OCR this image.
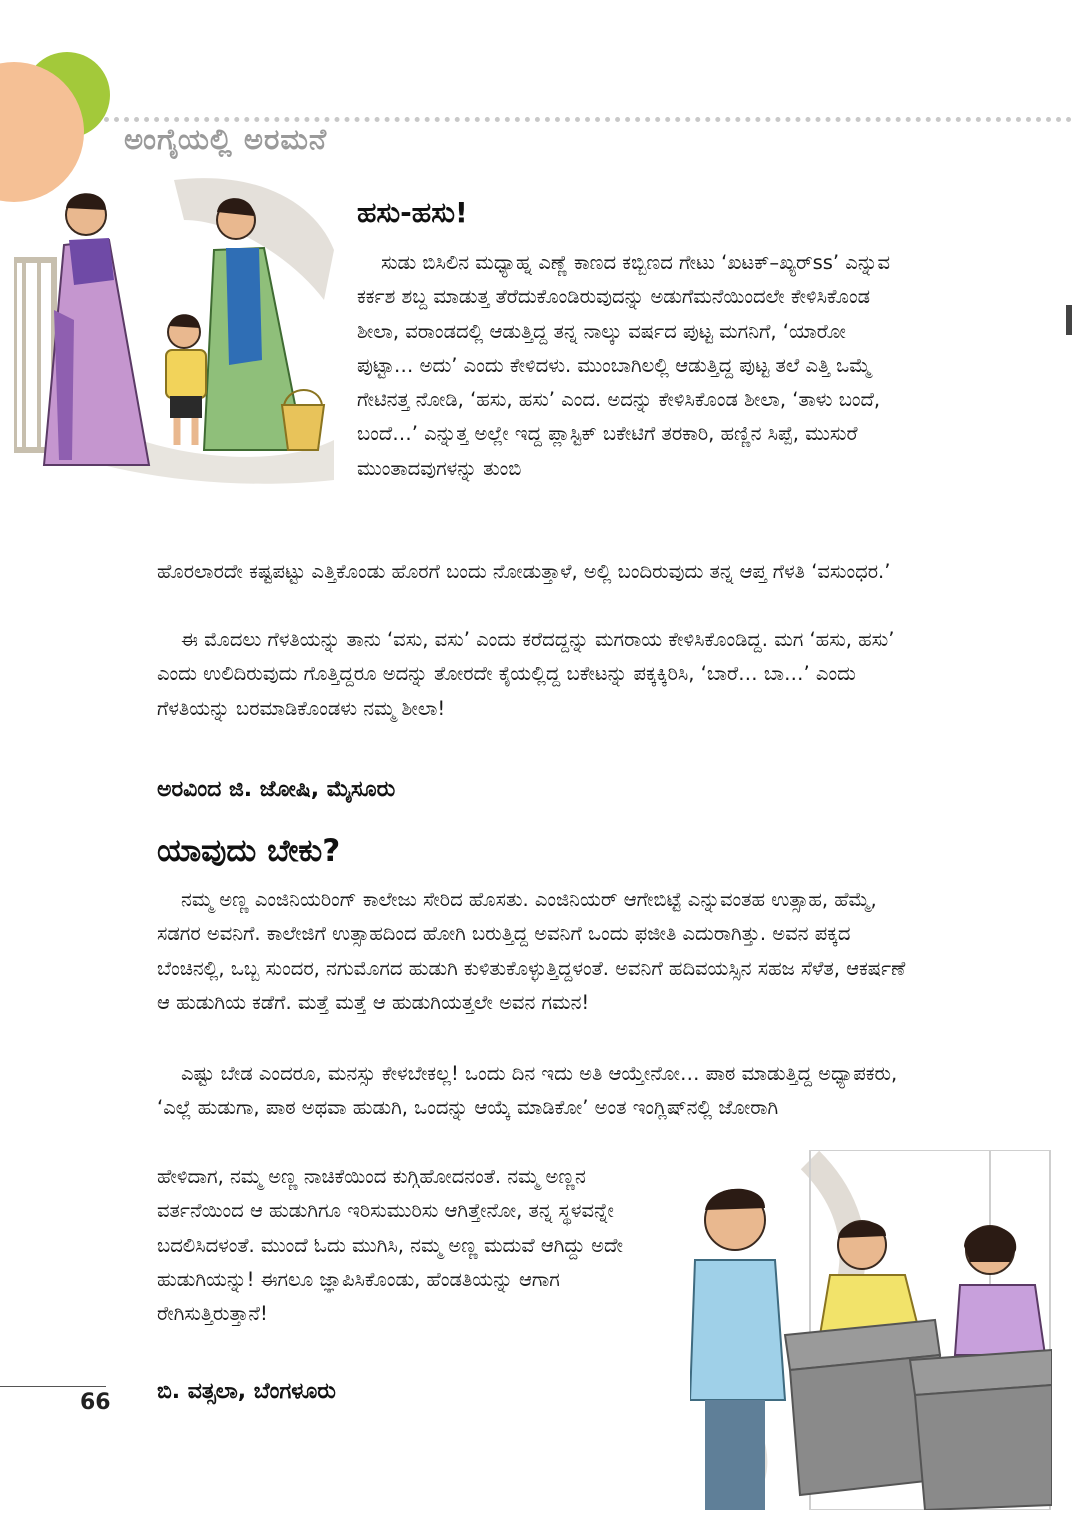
ಅಂಗೈಯಲ್ಲಿ ಅರಮನೆ
ಹಸು-ಹಸು!

ಸುಡು ಬಿಸಿಲಿನ ಮಧ್ಯಾಹ್ನ ಎಣ್ಣೆ ಕಾಣದ ಕಬ್ಬಿಣದ ಗೇಟು ‘ಖಟಕ್–ಖ್ಯರ್‌ss’ ಎನ್ನುವ ಕರ್ಕಶ ಶಬ್ದ ಮಾಡುತ್ತ ತೆರೆದುಕೊಂಡಿರುವುದನ್ನು ಅಡುಗೆಮನೆಯಿಂದಲೇ ಕೇಳಿಸಿಕೊಂಡ ಶೀಲಾ, ವರಾಂಡದಲ್ಲಿ ಆಡುತ್ತಿದ್ದ ತನ್ನ ನಾಲ್ಕು ವರ್ಷದ ಪುಟ್ಟ ಮಗನಿಗೆ, ‘ಯಾರೋ ಪುಟ್ಟಾ… ಅದು’ ಎಂದು ಕೇಳಿದಳು. ಮುಂಬಾಗಿಲಲ್ಲಿ ಆಡುತ್ತಿದ್ದ ಪುಟ್ಟ ತಲೆ ಎತ್ತಿ ಒಮ್ಮೆ ಗೇಟಿನತ್ತ ನೋಡಿ, ‘ಹಸು, ಹಸು’ ಎಂದ. ಅದನ್ನು ಕೇಳಿಸಿಕೊಂಡ ಶೀಲಾ, ‘ತಾಳು ಬಂದೆ, ಬಂದೆ…’ ಎನ್ನುತ್ತ ಅಲ್ಲೇ ಇದ್ದ ಪ್ಲಾಸ್ಟಿಕ್ ಬಕೇಟಿಗೆ ತರಕಾರಿ, ಹಣ್ಣಿನ ಸಿಪ್ಪೆ, ಮುಸುರೆ ಮುಂತಾದವುಗಳನ್ನು ತುಂಬಿ

ಹೊರಲಾರದೇ ಕಷ್ಟಪಟ್ಟು ಎತ್ತಿಕೊಂಡು ಹೊರಗೆ ಬಂದು ನೋಡುತ್ತಾಳೆ, ಅಲ್ಲಿ ಬಂದಿರುವುದು ತನ್ನ ಆಪ್ತ ಗೆಳತಿ ‘ವಸುಂಧರ.’

ಈ ಮೊದಲು ಗೆಳತಿಯನ್ನು ತಾನು ‘ವಸು, ವಸು’ ಎಂದು ಕರೆದದ್ದನ್ನು ಮಗರಾಯ ಕೇಳಿಸಿಕೊಂಡಿದ್ದ. ಮಗ ‘ಹಸು, ಹಸು’ ಎಂದು ಉಲಿದಿರುವುದು ಗೊತ್ತಿದ್ದರೂ ಅದನ್ನು ತೋರದೇ ಕೈಯಲ್ಲಿದ್ದ ಬಕೇಟನ್ನು ಪಕ್ಕಕ್ಕಿರಿಸಿ, ‘ಬಾರೆ… ಬಾ…’ ಎಂದು ಗೆಳತಿಯನ್ನು ಬರಮಾಡಿಕೊಂಡಳು ನಮ್ಮ ಶೀಲಾ!

ಅರವಿಂದ ಜಿ. ಜೋಷಿ, ಮೈಸೂರು
ಯಾವುದು ಬೇಕು?

ನಮ್ಮ ಅಣ್ಣ ಎಂಜಿನಿಯರಿಂಗ್ ಕಾಲೇಜು ಸೇರಿದ ಹೊಸತು. ಎಂಜಿನಿಯರ್ ಆಗೇಬಿಟ್ಟೆ ಎನ್ನುವಂತಹ ಉತ್ಸಾಹ, ಹೆಮ್ಮೆ, ಸಡಗರ ಅವನಿಗೆ. ಕಾಲೇಜಿಗೆ ಉತ್ಸಾಹದಿಂದ ಹೋಗಿ ಬರುತ್ತಿದ್ದ ಅವನಿಗೆ ಒಂದು ಫಜೀತಿ ಎದುರಾಗಿತ್ತು. ಅವನ ಪಕ್ಕದ ಬೆಂಚಿನಲ್ಲಿ, ಒಬ್ಬ ಸುಂದರ, ನಗುಮೊಗದ ಹುಡುಗಿ ಕುಳಿತುಕೊಳ್ಳುತ್ತಿದ್ದಳಂತೆ. ಅವನಿಗೆ ಹದಿವಯಸ್ಸಿನ ಸಹಜ ಸೆಳೆತ, ಆಕರ್ಷಣೆ ಆ ಹುಡುಗಿಯ ಕಡೆಗೆ. ಮತ್ತೆ ಮತ್ತೆ ಆ ಹುಡುಗಿಯತ್ತಲೇ ಅವನ ಗಮನ!

ಎಷ್ಟು ಬೇಡ ಎಂದರೂ, ಮನಸ್ಸು ಕೇಳಬೇಕಲ್ಲ! ಒಂದು ದಿನ ಇದು ಅತಿ ಆಯ್ತೇನೋ… ಪಾಠ ಮಾಡುತ್ತಿದ್ದ ಅಧ್ಯಾಪಕರು, ‘ಎಲ್ಲೆ ಹುಡುಗಾ, ಪಾಠ ಅಥವಾ ಹುಡುಗಿ, ಒಂದನ್ನು ಆಯ್ಕೆ ಮಾಡಿಕೋ’ ಅಂತ ಇಂಗ್ಲಿಷ್‌ನಲ್ಲಿ ಜೋರಾಗಿ

ಹೇಳಿದಾಗ, ನಮ್ಮ ಅಣ್ಣ ನಾಚಿಕೆಯಿಂದ ಕುಗ್ಗಿಹೋದನಂತೆ. ನಮ್ಮ ಅಣ್ಣನ ವರ್ತನೆಯಿಂದ ಆ ಹುಡುಗಿಗೂ ಇರಿಸುಮುರಿಸು ಆಗಿತ್ತೇನೋ, ತನ್ನ ಸ್ಥಳವನ್ನೇ ಬದಲಿಸಿದಳಂತೆ. ಮುಂದೆ ಓದು ಮುಗಿಸಿ, ನಮ್ಮ ಅಣ್ಣ ಮದುವೆ ಆಗಿದ್ದು ಅದೇ ಹುಡುಗಿಯನ್ನು! ಈಗಲೂ ಜ್ಞಾಪಿಸಿಕೊಂಡು, ಹೆಂಡತಿಯನ್ನು ಆಗಾಗ ರೇಗಿಸುತ್ತಿರುತ್ತಾನೆ!

ಬಿ. ವತ್ಸಲಾ, ಬೆಂಗಳೂರು
66
